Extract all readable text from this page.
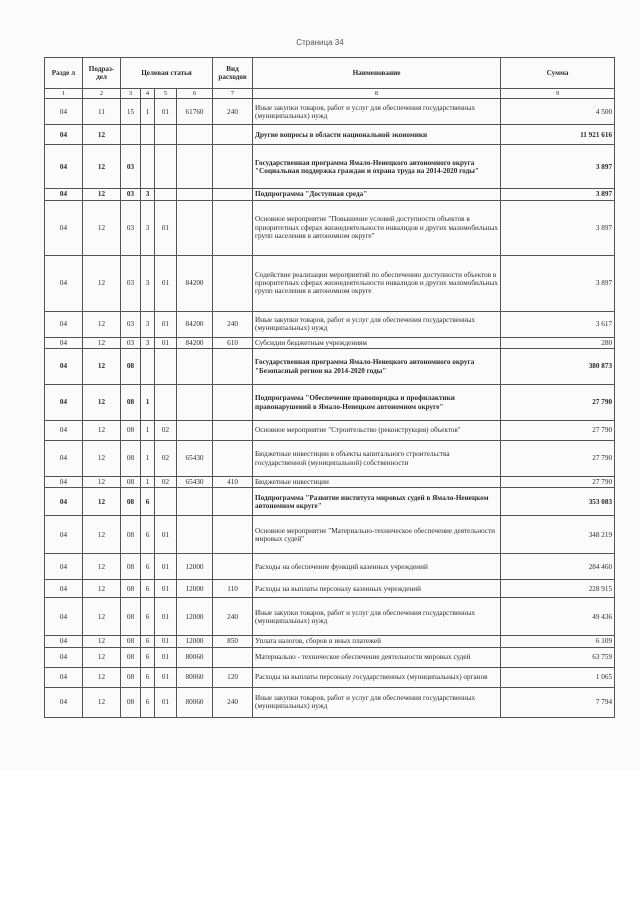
Страница 34
Разде л	Подраз- дел	Целевая статья				Вид расходов	Наименование	Сумма
1	2	3	4	5	6	7	8	9
04	11	15	1	01	61760	240	Иные закупки товаров, работ и услуг для обеспечения государственных (муниципальных) нужд	4 500
04	12						Другие вопросы в области национальной экономики	11 921 616
04	12	03					Государственная программа Ямало-Ненецкого автономного округа "Социальная поддержка граждан и охрана труда на 2014-2020 годы"	3 897
04	12	03	3				Подпрограмма "Доступная среда"	3 897
04	12	03	3	01			Основное мероприятие "Повышение условий доступности объектов в приоритетных сферах жизнедеятельности инвалидов и других маломобильных групп населения в автономном округе"	3 897
04	12	03	3	01	84200		Содействие реализации мероприятий по обеспечению доступности объектов в приоритетных сферах жизнедеятельности инвалидов и других маломобильных групп населения в автономном округе	3 897
04	12	03	3	01	84200	240	Иные закупки товаров, работ и услуг для обеспечения государственных (муниципальных) нужд	3 617
04	12	03	3	01	84200	610	Субсидии бюджетным учреждениям	280
04	12	08					Государственная программа Ямало-Ненецкого автономного округа "Безопасный регион на 2014-2020 годы"	380 873
04	12	08	1				Подпрограмма "Обеспечение правопорядка и профилактики правонарушений в Ямало-Ненецком автономном округе"	27 790
04	12	08	1	02			Основное мероприятие "Строительство (реконструкция) объектов"	27 790
04	12	08	1	02	65430		Бюджетные инвестиции в объекты капитального строительства государственной (муниципальной) собственности	27 790
04	12	08	1	02	65430	410	Бюджетные инвестиции	27 790
04	12	08	6				Подпрограмма "Развитие института мировых судей в Ямало-Ненецком автономном округе"	353 083
04	12	08	6	01			Основное мероприятие "Материально-техническое обеспечение деятельности мировых судей"	348 219
04	12	08	6	01	12000		Расходы на обеспечение функций казенных учреждений	284 460
04	12	08	6	01	12000	110	Расходы на выплаты персоналу казенных учреждений	228 915
04	12	08	6	01	12000	240	Иные закупки товаров, работ и услуг для обеспечения государственных (муниципальных) нужд	49 436
04	12	08	6	01	12000	850	Уплата налогов, сборов и иных платежей	6 109
04	12	08	6	01	80060		Материально - техническое обеспечение деятельности мировых судей	63 759
04	12	08	6	01	80060	120	Расходы на выплаты персоналу государственных (муниципальных) органов	1 065
04	12	08	6	01	80060	240	Иные закупки товаров, работ и услуг для обеспечения государственных (муниципальных) нужд	7 794
